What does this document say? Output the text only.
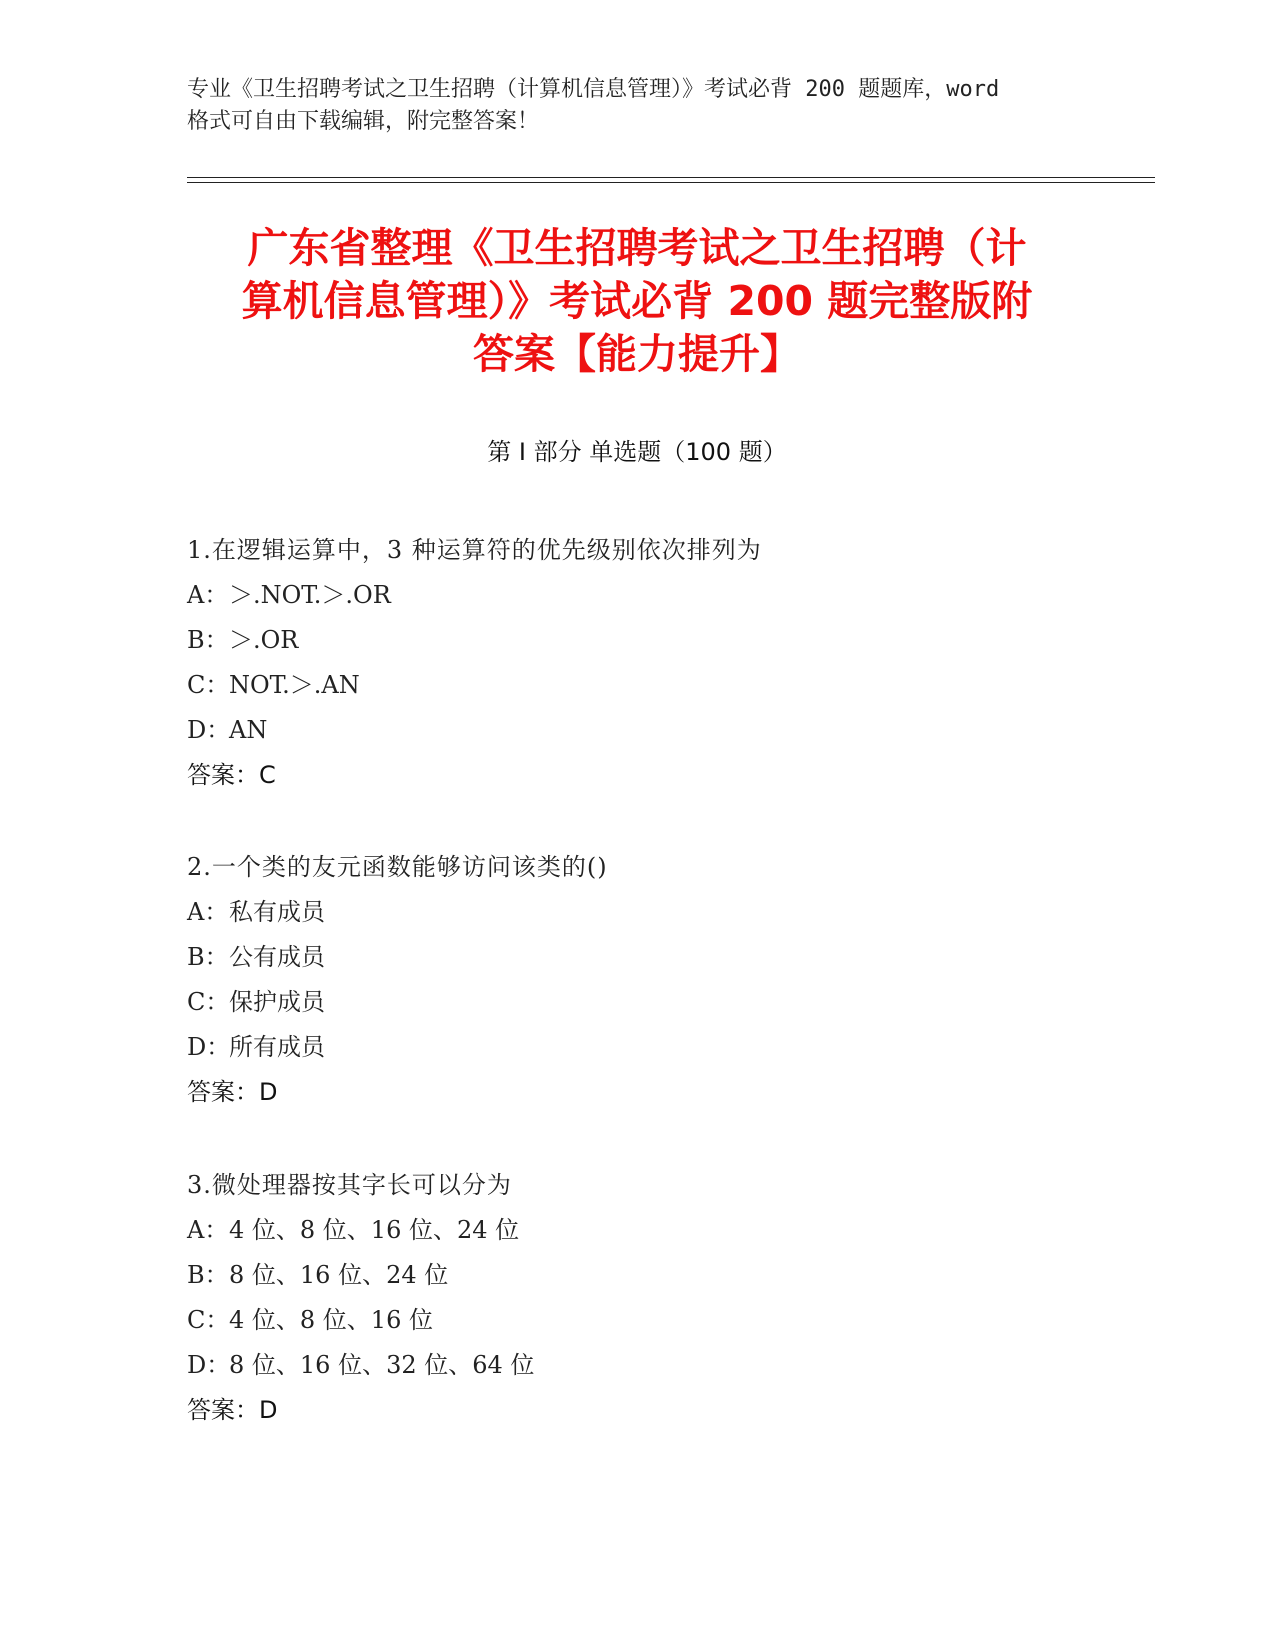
专业《卫生招聘考试之卫生招聘（计算机信息管理）》考试必背 200 题题库，word
格式可自由下载编辑，附完整答案！
广东省整理《卫生招聘考试之卫生招聘（计
算机信息管理）》考试必背 200 题完整版附
答案【能力提升】
第 I 部分 单选题（100 题）
1.在逻辑运算中，3 种运算符的优先级别依次排列为
A：＞.NOT.＞.OR
B：＞.OR
C：NOT.＞.AN
D：AN
答案：C
2.一个类的友元函数能够访问该类的()
A：私有成员
B：公有成员
C：保护成员
D：所有成员
答案：D
3.微处理器按其字长可以分为
A：4 位、8 位、16 位、24 位
B：8 位、16 位、24 位
C：4 位、8 位、16 位
D：8 位、16 位、32 位、64 位
答案：D
